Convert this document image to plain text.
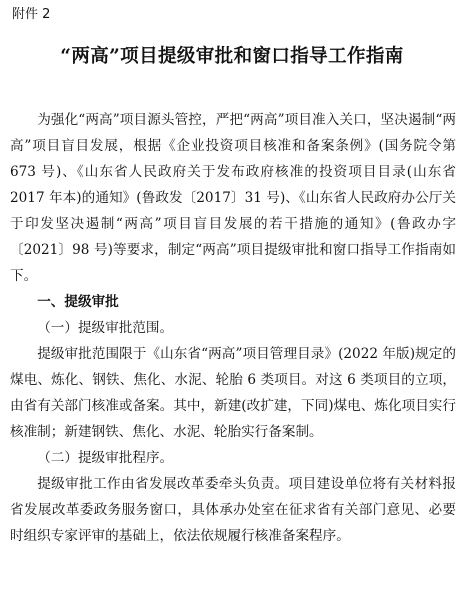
附件 2
“两高”项目提级审批和窗口指导工作指南

为强化“两高”项目源头管控，严把“两高”项目准入关口，坚决遏制“两高”项目盲目发展，根据《企业投资项目核准和备案条例》(国务院令第 673 号)、《山东省人民政府关于发布政府核准的投资项目目录(山东省 2017 年本)的通知》(鲁政发〔2017〕31 号)、《山东省人民政府办公厅关于印发坚决遏制“两高”项目盲目发展的若干措施的通知》(鲁政办字〔2021〕98 号)等要求，制定“两高”项目提级审批和窗口指导工作指南如下。

一、提级审批

（一）提级审批范围。

提级审批范围限于《山东省“两高”项目管理目录》(2022 年版)规定的煤电、炼化、钢铁、焦化、水泥、轮胎 6 类项目。对这 6 类项目的立项，由省有关部门核准或备案。其中，新建(改扩建，下同)煤电、炼化项目实行核准制；新建钢铁、焦化、水泥、轮胎实行备案制。

（二）提级审批程序。

提级审批工作由省发展改革委牵头负责。项目建设单位将有关材料报省发展改革委政务服务窗口，具体承办处室在征求省有关部门意见、必要时组织专家评审的基础上，依法依规履行核准备案程序。
